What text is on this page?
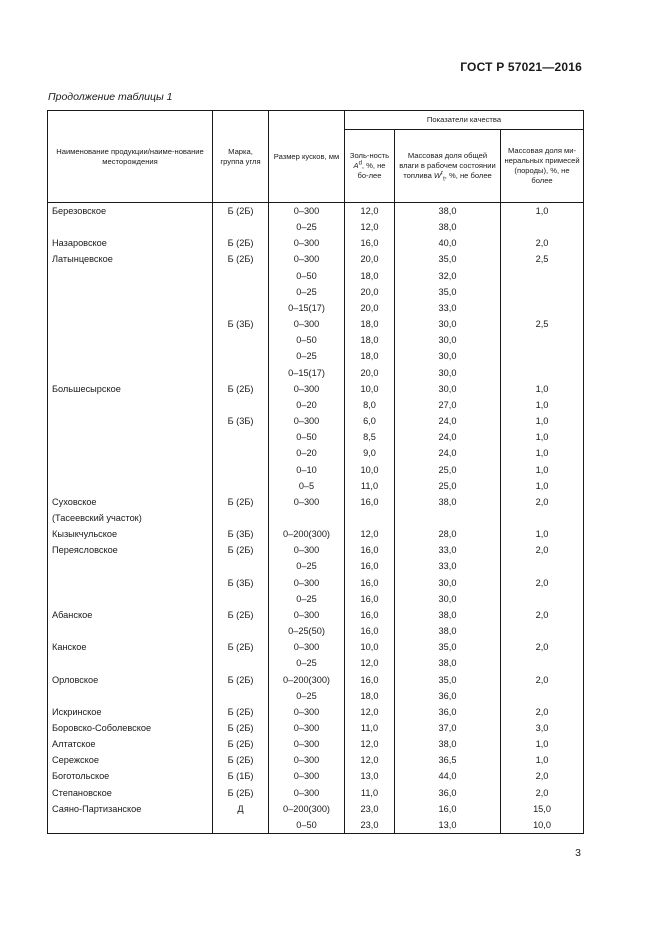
ГОСТ Р 57021—2016
Продолжение таблицы 1
Наименование продукции/наиме-нование месторождения	Марка, группа угля	Размер кусков, мм	Показатели качества		
			Золь-ность $A^d$, %, не бо-лее	Массовая доля общей влаги в рабочем состоянии топлива $W^r_t$, %, не более	Массовая доля ми-неральных примесей (породы), %, не более
Березовское	Б (2Б)	0–300	12,0	38,0	1,0
		0–25	12,0	38,0	
Назаровское	Б (2Б)	0–300	16,0	40,0	2,0
Латынцевское	Б (2Б)	0–300	20,0	35,0	2,5
		0–50	18,0	32,0	
		0–25	20,0	35,0	
		0–15(17)	20,0	33,0	
	Б (3Б)	0–300	18,0	30,0	2,5
		0–50	18,0	30,0	
		0–25	18,0	30,0	
		0–15(17)	20,0	30,0	
Большесырское	Б (2Б)	0–300	10,0	30,0	1,0
		0–20	8,0	27,0	1,0
	Б (3Б)	0–300	6,0	24,0	1,0
		0–50	8,5	24,0	1,0
		0–20	9,0	24,0	1,0
		0–10	10,0	25,0	1,0
		0–5	11,0	25,0	1,0
Суховское	Б (2Б)	0–300	16,0	38,0	2,0
(Тасеевский участок)					
Кызыкчульское	Б (3Б)	0–200(300)	12,0	28,0	1,0
Переясловское	Б (2Б)	0–300	16,0	33,0	2,0
		0–25	16,0	33,0	
	Б (3Б)	0–300	16,0	30,0	2,0
		0–25	16,0	30,0	
Абанское	Б (2Б)	0–300	16,0	38,0	2,0
		0–25(50)	16,0	38,0	
Канское	Б (2Б)	0–300	10,0	35,0	2,0
		0–25	12,0	38,0	
Орловское	Б (2Б)	0–200(300)	16,0	35,0	2,0
		0–25	18,0	36,0	
Искринское	Б (2Б)	0–300	12,0	36,0	2,0
Боровско-Соболевское	Б (2Б)	0–300	11,0	37,0	3,0
Алтатское	Б (2Б)	0–300	12,0	38,0	1,0
Сережское	Б (2Б)	0–300	12,0	36,5	1,0
Боготольское	Б (1Б)	0–300	13,0	44,0	2,0
Степановское	Б (2Б)	0–300	11,0	36,0	2,0
Саяно-Партизанское	Д	0–200(300)	23,0	16,0	15,0
		0–50	23,0	13,0	10,0
3
